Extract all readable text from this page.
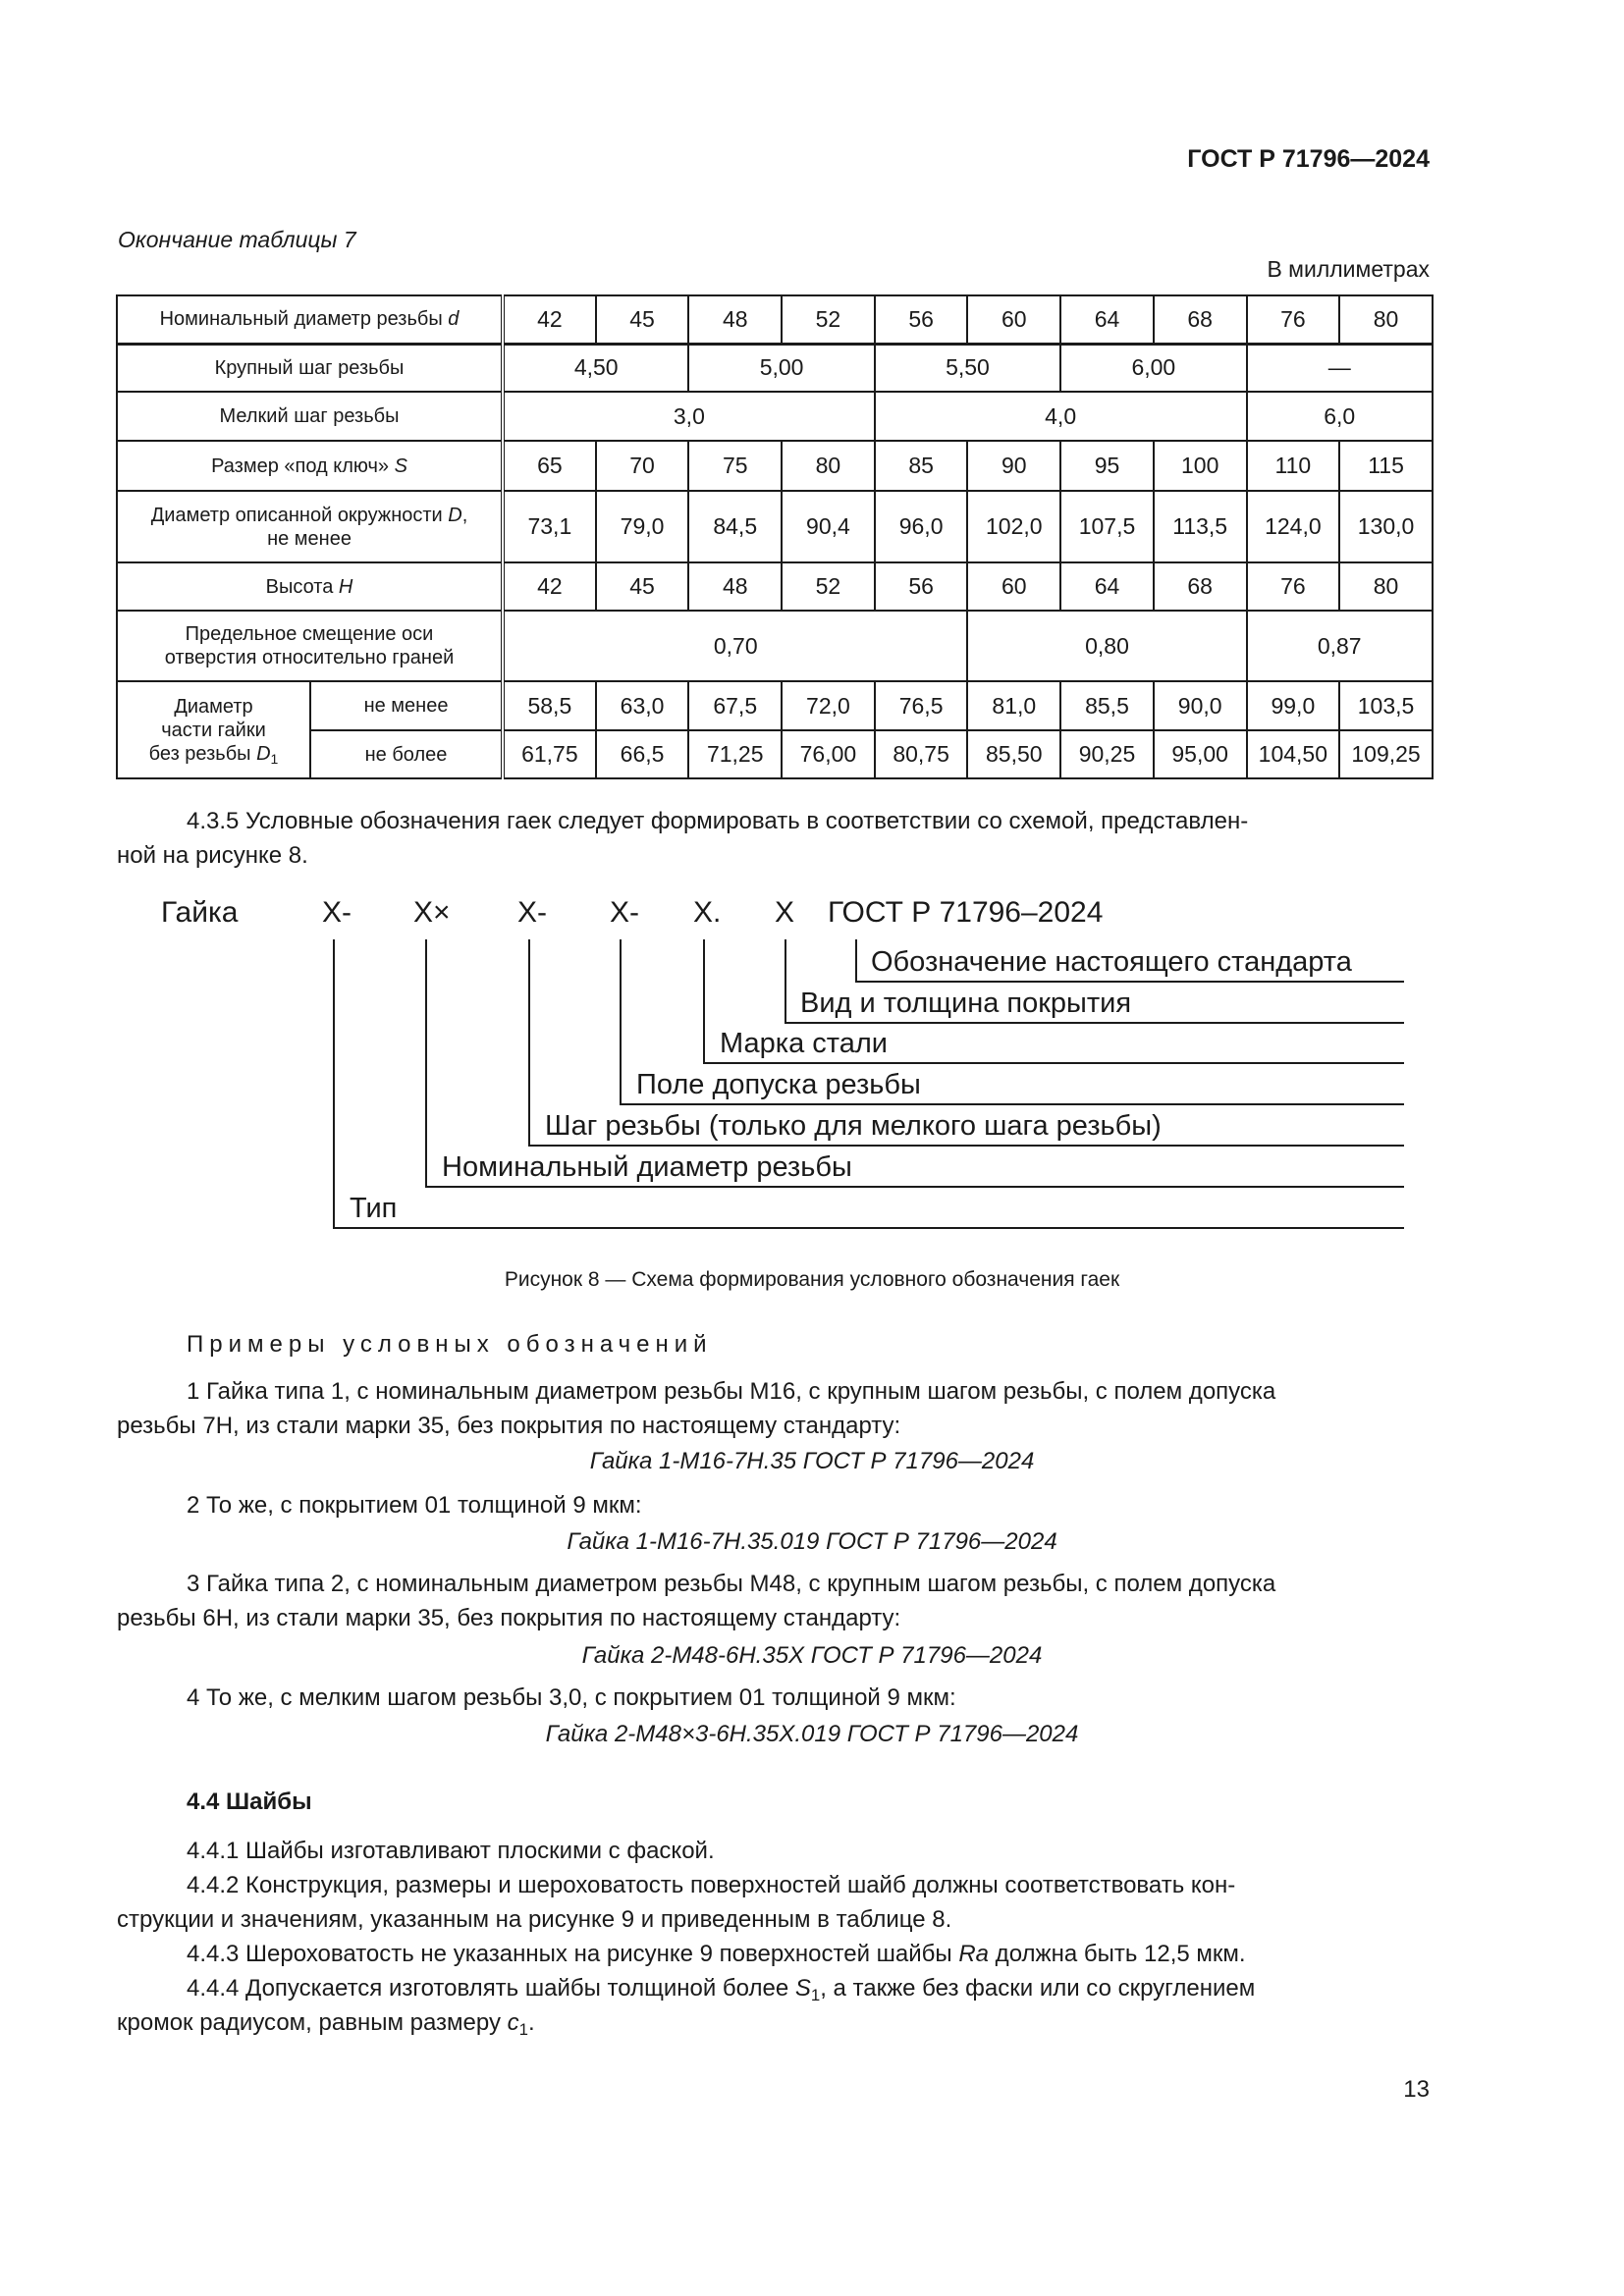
ГОСТ Р 71796—2024
Окончание таблицы 7
В миллиметрах
Номинальный диаметр резьбы d		42	45	48	52	56	60	64	68	76	80
Крупный шаг резьбы		4,50		5,00		5,50		6,00		—	
Мелкий шаг резьбы		3,0				4,0				6,0	
Размер «под ключ» S		65	70	75	80	85	90	95	100	110	115
Диаметр описанной окружности D,
не менее		73,1	79,0	84,5	90,4	96,0	102,0	107,5	113,5	124,0	130,0
Высота H		42	45	48	52	56	60	64	68	76	80
Предельное смещение оси
отверстия относительно граней		0,70					0,80			0,87	
Диаметр
части гайки
без резьбы $D_1$	не менее	58,5	63,0	67,5	72,0	76,5	81,0	85,5	90,0	99,0	103,5
	не более	61,75	66,5	71,25	76,00	80,75	85,50	90,25	95,00	104,50	109,25
4.3.5 Условные обозначения гаек следует формировать в соответствии со схемой, представлен-
ной на рисунке 8.
Гайка	Х- Х× Х- Х- Х. Х ГОСТ Р 71796–2024
Обозначение настоящего стандарта
Вид и толщина покрытия
Марка стали
Поле допуска резьбы
Шаг резьбы (только для мелкого шага резьбы)
Номинальный диаметр резьбы
Тип
Рисунок 8 — Схема формирования условного обозначения гаек
Примеры условных обозначений
1 Гайка типа 1, с номинальным диаметром резьбы М16, с крупным шагом резьбы, с полем допуска
резьбы 7Н, из стали марки 35, без покрытия по настоящему стандарту:
Гайка 1-М16-7Н.35 ГОСТ Р 71796—2024
2 То же, с покрытием 01 толщиной 9 мкм:
Гайка 1-М16-7Н.35.019 ГОСТ Р 71796—2024
3 Гайка типа 2, с номинальным диаметром резьбы М48, с крупным шагом резьбы, с полем допуска
резьбы 6Н, из стали марки 35, без покрытия по настоящему стандарту:
Гайка 2-М48-6Н.35Х ГОСТ Р 71796—2024
4 То же, с мелким шагом резьбы 3,0, с покрытием 01 толщиной 9 мкм:
Гайка 2-М48×3-6Н.35Х.019 ГОСТ Р 71796—2024
4.4 Шайбы
4.4.1 Шайбы изготавливают плоскими с фаской.
4.4.2 Конструкция, размеры и шероховатость поверхностей шайб должны соответствовать кон-
струкции и значениям, указанным на рисунке 9 и приведенным в таблице 8.
4.4.3 Шероховатость не указанных на рисунке 9 поверхностей шайбы Ra должна быть 12,5 мкм.
4.4.4 Допускается изготовлять шайбы толщиной более $S_1$, а также без фаски или со скруглением
кромок радиусом, равным размеру $c_1$.
13
